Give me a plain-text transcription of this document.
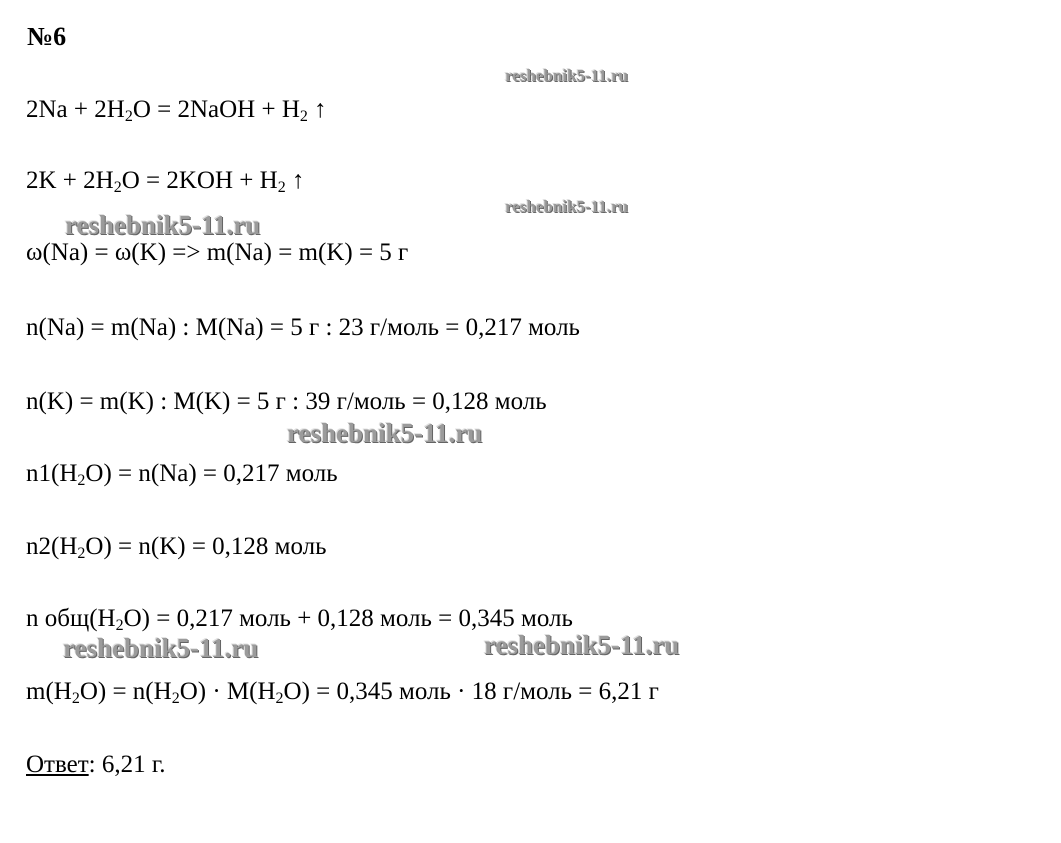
№6
$2Na + 2H_2O$ = 2NaOH + $H_2$ ↑
$2K + 2H_2O = 2KOH + H_2$ ↑
ω(Na) = ω(K) => m(Na) = m(K) = 5 г
n(Na) = m(Na) : M(Na) = 5 г : 23 г/моль = 0,217 моль
n(K) = m(K) : M(K) = 5 г : 39 г/моль = 0,128 моль
$n1(H_2O) = n(Na) = 0,217$ моль
$n2(H_2O) = n(K) = 0,128$ моль
n $общ(H_2O) = 0,217$ моль + 0,128 моль = 0,345 моль
$m(H_2O) = n(H_2O) \cdot M(H_2O) = 0,345$ моль · 18 г/моль = 6,21 г
Ответ: 6,21 г.
reshebnik5-11.ru
reshebnik5-11.ru
reshebnik5-11.ru
reshebnik5-11.ru
reshebnik5-11.ru	reshebnik5-11.ru
